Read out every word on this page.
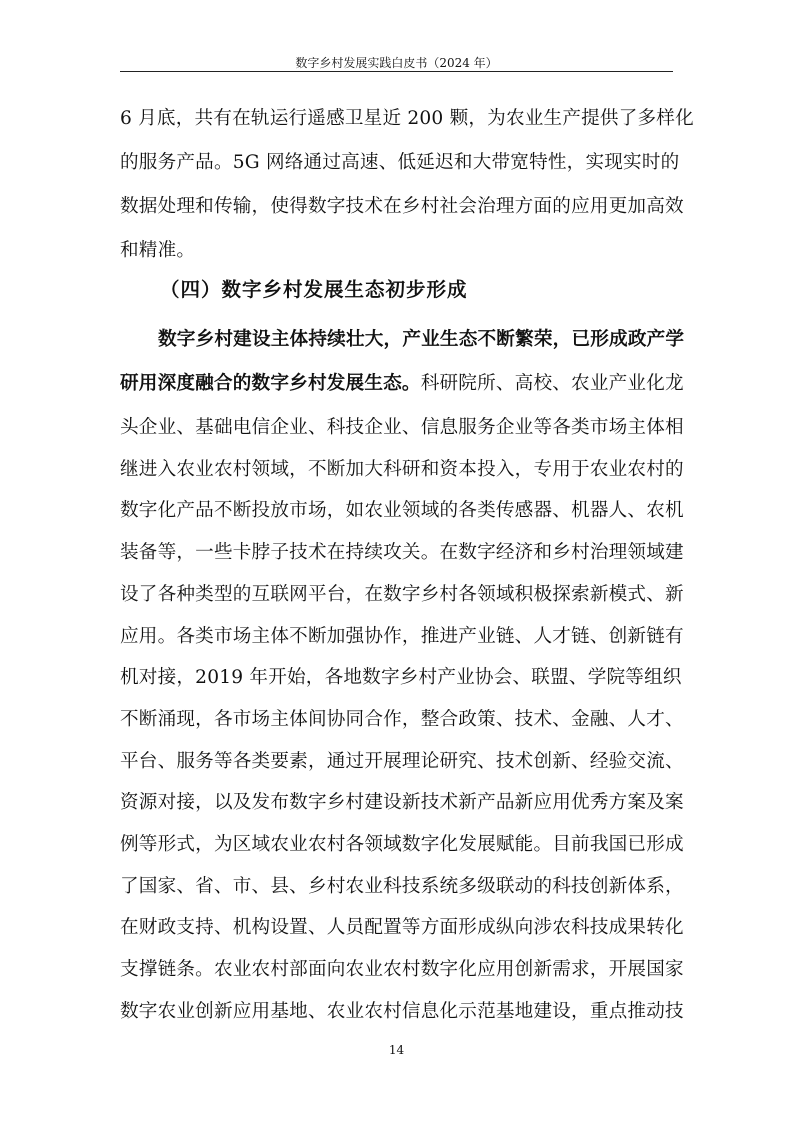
数字乡村发展实践白皮书（2024 年）
6 月底，共有在轨运行遥感卫星近 200 颗，为农业生产提供了多样化
的服务产品。5G 网络通过高速、低延迟和大带宽特性，实现实时的
数据处理和传输，使得数字技术在乡村社会治理方面的应用更加高效
和精准。
（四）数字乡村发展生态初步形成
数字乡村建设主体持续壮大，产业生态不断繁荣，已形成政产学
研用深度融合的数字乡村发展生态。科研院所、高校、农业产业化龙
头企业、基础电信企业、科技企业、信息服务企业等各类市场主体相
继进入农业农村领域，不断加大科研和资本投入，专用于农业农村的
数字化产品不断投放市场，如农业领域的各类传感器、机器人、农机
装备等，一些卡脖子技术在持续攻关。在数字经济和乡村治理领域建
设了各种类型的互联网平台，在数字乡村各领域积极探索新模式、新
应用。各类市场主体不断加强协作，推进产业链、人才链、创新链有
机对接，2019 年开始，各地数字乡村产业协会、联盟、学院等组织
不断涌现，各市场主体间协同合作，整合政策、技术、金融、人才、
平台、服务等各类要素，通过开展理论研究、技术创新、经验交流、
资源对接，以及发布数字乡村建设新技术新产品新应用优秀方案及案
例等形式，为区域农业农村各领域数字化发展赋能。目前我国已形成
了国家、省、市、县、乡村农业科技系统多级联动的科技创新体系，
在财政支持、机构设置、人员配置等方面形成纵向涉农科技成果转化
支撑链条。农业农村部面向农业农村数字化应用创新需求，开展国家
数字农业创新应用基地、农业农村信息化示范基地建设，重点推动技
14
